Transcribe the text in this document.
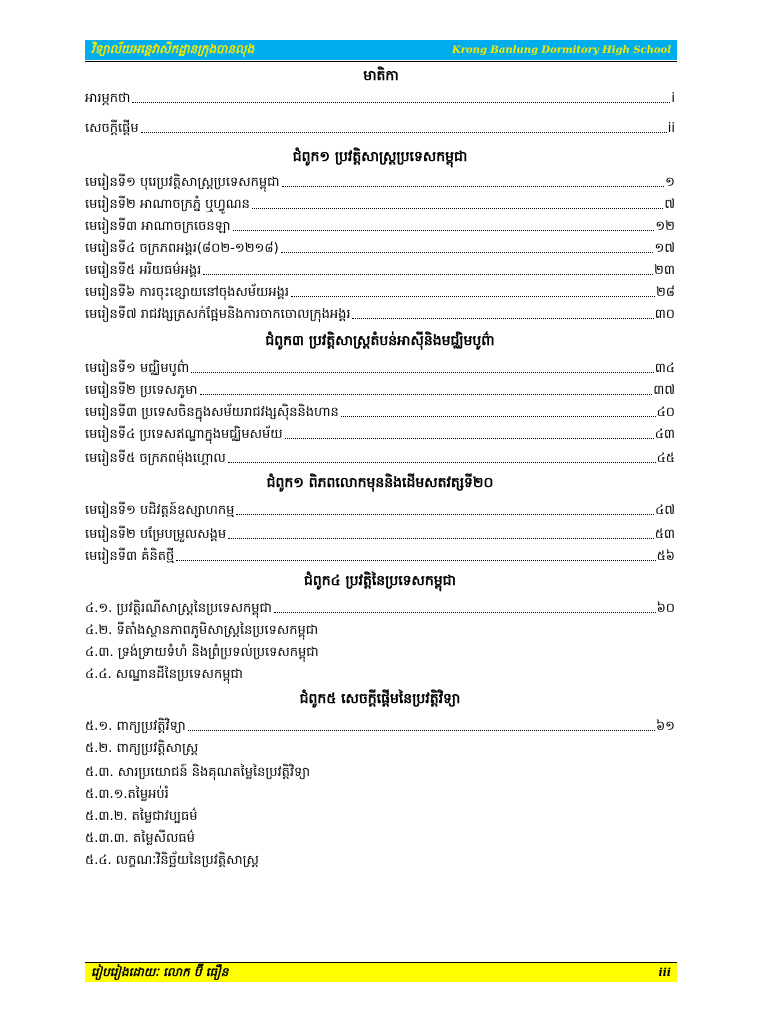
វិទ្យាល័យអន្តេវាសិកដ្ឋានក្រុងបានលុង	Krong Banlung Dormitory High School
មាតិកា
អារម្ភកថា	i
សេចក្តីផ្តើម	ii
ជំពូក១ ប្រវត្តិសាស្រ្តប្រទេសកម្ពុជា
មេរៀនទី១ បុរេប្រវត្តិសាស្ត្រប្រទេសកម្ពុជា	១
មេរៀនទី២ អាណាចក្រភ្នំ ឬហ្វូណន	៧
មេរៀនទី៣ អាណាចក្រចេនឡា	១២
មេរៀនទី៤ ចក្រភពអង្គរ(៨០២-១២១៨)	១៧
មេរៀនទី៥ អរិយធម៌អង្គរ	២៣
មេរៀនទី៦ ការចុះខ្សោយនៅចុងសម័យអង្គរ	២៨
មេរៀនទី៧ រាជវង្សត្រសក់ផ្អែមនិងការចាកចោលក្រុងអង្គរ	៣០
ជំពូក៣ ប្រវត្តិសាស្ត្រតំបន់អាស៊ីនិងមជ្ឈិមបូព៌ា
មេរៀនទី១ មជ្ឈិមបូព៌ា	៣៤
មេរៀនទី២ ប្រទេសភូមា	៣៧
មេរៀនទី៣ ប្រទេសចិនក្នុងសម័យរាជវង្សស៊ិននិងហាន	៤០
មេរៀនទី៤ ប្រទេសឥណ្ឌាក្នុងមជ្ឈិមសម័យ	៤៣
មេរៀនទី៥ ចក្រភពម៉ុងហ្គោល	៤៥
ជំពូក១ ពិភពលោកមុននិងដើមសតវត្សទី២០
មេរៀនទី១ បដិវត្តន៍ឧស្សាហកម្ម	៤៧
មេរៀនទី២ បម្រែបម្រួលសង្គម	៥៣
មេរៀនទី៣ គំនិតថ្មី	៥៦
ជំពូក៤ ប្រវត្តិនៃប្រទេសកម្ពុជា
៤.១. ប្រវត្តិរណីសាស្ត្រនៃប្រទេសកម្ពុជា	៦០
៤.២. ទីតាំងស្ថានភាពភូមិសាស្ត្រនៃប្រទេសកម្ពុជា
៤.៣. ទ្រង់ទ្រាយទំហំ និងព្រំប្រទល់ប្រទេសកម្ពុជា
៤.៤. សណ្ឋានដីនៃប្រទេសកម្ពុជា
ជំពូក៥ សេចក្តីផ្តើមនៃប្រវត្តិវិទ្យា
៥.១. ពាក្យប្រវត្តិវិទ្យា	៦១
៥.២. ពាក្យប្រវត្តិសាស្ត្រ
៥.៣. សារប្រយោជន៍ និងគុណតម្លៃនៃប្រវត្តិវិទ្យា
៥.៣.១.តម្លៃអប់រំ
៥.៣.២. តម្លៃជាវប្បធម៌
៥.៣.៣. តម្លៃសីលធម៌
៥.៤. លក្ខណៈវិនិច្ឆ័យនៃប្រវត្តិសាស្ត្រ
រៀបរៀងដោយៈ លោក ប៊ី ធឿន	iii
